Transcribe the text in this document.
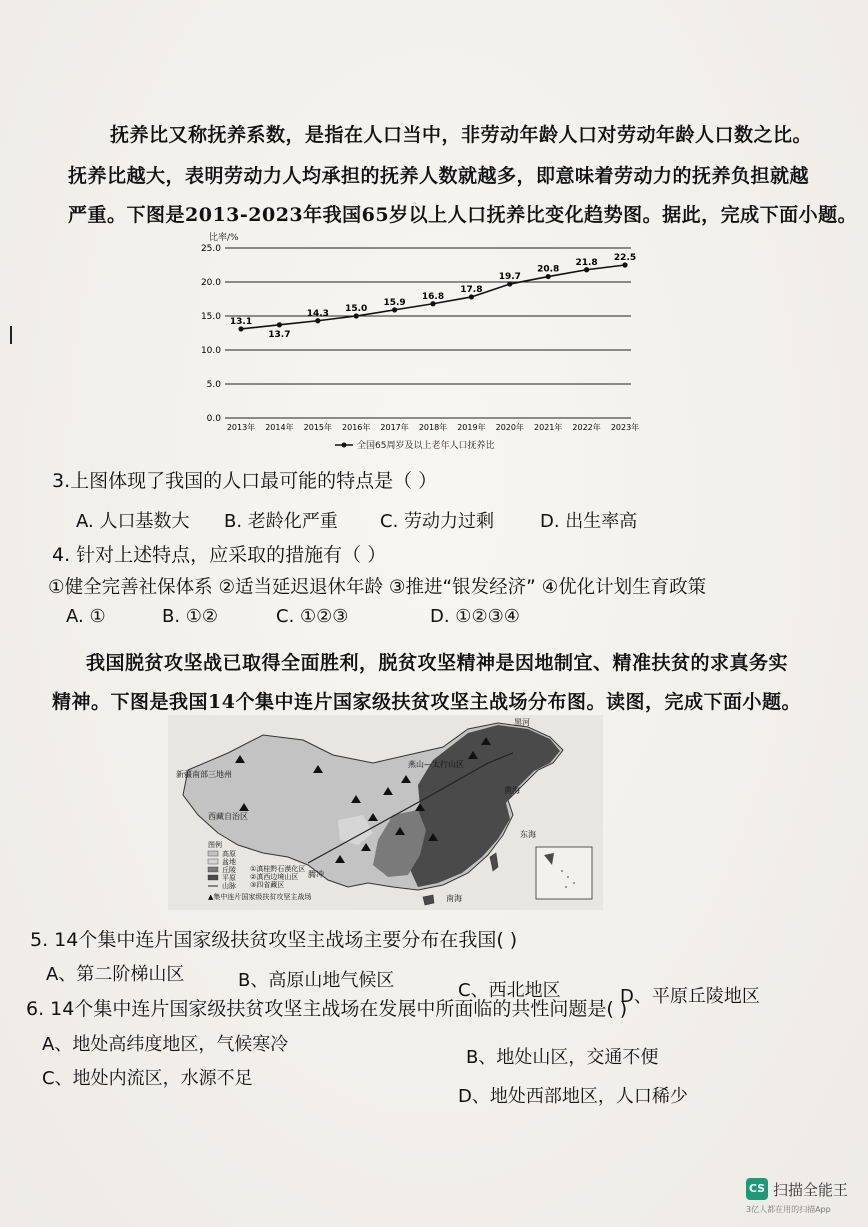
抚养比又称抚养系数，是指在人口当中，非劳动年龄人口对劳动年龄人口数之比。
抚养比越大，表明劳动力人均承担的抚养人数就越多，即意味着劳动力的抚养负担就越
严重。下图是2013-2023年我国65岁以上人口抚养比变化趋势图。据此，完成下面小题。
比率/%
0.0
5.0
10.0
15.0
20.0
25.0
2013年 2014年 2015年 2016年 2017年 2018年 2019年 2020年 2021年 2022年 2023年
13.1
13.7
14.3 15.0
15.9
16.8
17.8
19.7
20.8
21.8 22.5
全国65周岁及以上老年人口抚养比
3.上图体现了我国的人口最可能的特点是（ ）
A. 人口基数大 B. 老龄化严重 C. 劳动力过剩	D. 出生率高
4. 针对上述特点，应采取的措施有（ ）
①健全完善社保体系 ②适当延迟退休年龄 ③推进“银发经济” ④优化计划生育政策
A. ①	B. ①②	C. ①②③	D. ①②③④
我国脱贫攻坚战已取得全面胜利，脱贫攻坚精神是因地制宜、精准扶贫的求真务实
精神。下图是我国14个集中连片国家级扶贫攻坚主战场分布图。读图，完成下面小题。
黑河
新疆南部三地州
西藏自治区
燕山—太行山区
黄海
东海
南海
腾冲
图例
高原
盆地
丘陵
平原
山脉
①滇桂黔石漠化区
②滇西边境山区
③四省藏区
▲集中连片国家级扶贫攻坚主战场
5. 14个集中连片国家级扶贫攻坚主战场主要分布在我国( )
A、第二阶梯山区	B、高原山地气候区	C、西北地区	D、平原丘陵地区
6. 14个集中连片国家级扶贫攻坚主战场在发展中所面临的共性问题是( )
A、地处高纬度地区，气候寒冷
B、地处山区，交通不便
C、地处内流区，水源不足
D、地处西部地区，人口稀少
CS 扫描全能王
3亿人都在用的扫描App
